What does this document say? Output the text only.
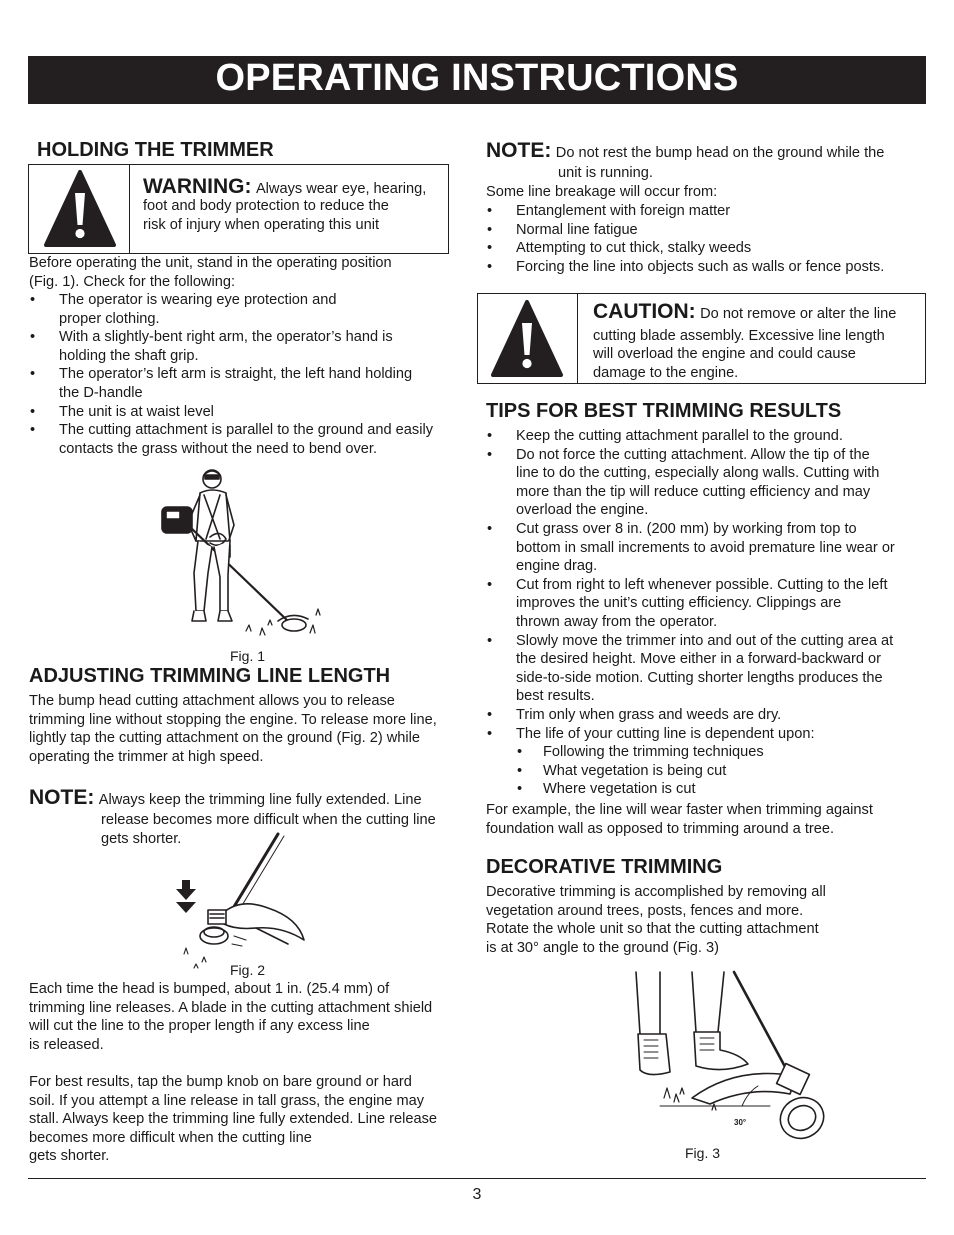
OPERATING INSTRUCTIONS
HOLDING THE TRIMMER
WARNING: Always wear eye, hearing,
foot and body protection to reduce the
risk of injury when operating this unit
Before operating the unit, stand in the operating position
(Fig. 1). Check for the following:
• The operator is wearing eye protection and
proper clothing.
• With a slightly-bent right arm, the operator’s hand is
holding the shaft grip.
• The operator’s left arm is straight, the left hand holding
the D-handle
• The unit is at waist level
• The cutting attachment is parallel to the ground and easily
contacts the grass without the need to bend over.
Fig. 1
ADJUSTING TRIMMING LINE LENGTH
The bump head cutting attachment allows you to release
trimming line without stopping the engine. To release more line,
lightly tap the cutting attachment on the ground (Fig. 2) while
operating the trimmer at high speed.
NOTE: Always keep the trimming line fully extended. Line
release becomes more difficult when the cutting line
gets shorter.
Fig. 2
Each time the head is bumped, about 1 in. (25.4 mm) of
trimming line releases. A blade in the cutting attachment shield
will cut the line to the proper length if any excess line
is released.
For best results, tap the bump knob on bare ground or hard
soil. If you attempt a line release in tall grass, the engine may
stall. Always keep the trimming line fully extended. Line release
becomes more difficult when the cutting line
gets shorter.
NOTE: Do not rest the bump head on the ground while the
unit is running.
Some line breakage will occur from:
• Entanglement with foreign matter
• Normal line fatigue
• Attempting to cut thick, stalky weeds
• Forcing the line into objects such as walls or fence posts.
CAUTION: Do not remove or alter the line
cutting blade assembly. Excessive line length
will overload the engine and could cause
damage to the engine.
TIPS FOR BEST TRIMMING RESULTS
• Keep the cutting attachment parallel to the ground.
• Do not force the cutting attachment. Allow the tip of the
line to do the cutting, especially along walls. Cutting with
more than the tip will reduce cutting efficiency and may
overload the engine.
• Cut grass over 8 in. (200 mm) by working from top to
bottom in small increments to avoid premature line wear or
engine drag.
• Cut from right to left whenever possible. Cutting to the left
improves the unit’s cutting efficiency. Clippings are
thrown away from the operator.
• Slowly move the trimmer into and out of the cutting area at
the desired height. Move either in a forward-backward or
side-to-side motion. Cutting shorter lengths produces the
best results.
• Trim only when grass and weeds are dry.
• The life of your cutting line is dependent upon:
• Following the trimming techniques
• What vegetation is being cut
• Where vegetation is cut
For example, the line will wear faster when trimming against
foundation wall as opposed to trimming around a tree.
DECORATIVE TRIMMING
Decorative trimming is accomplished by removing all
vegetation around trees, posts, fences and more.
Rotate the whole unit so that the cutting attachment
is at 30° angle to the ground (Fig. 3)
30°
Fig. 3
3
